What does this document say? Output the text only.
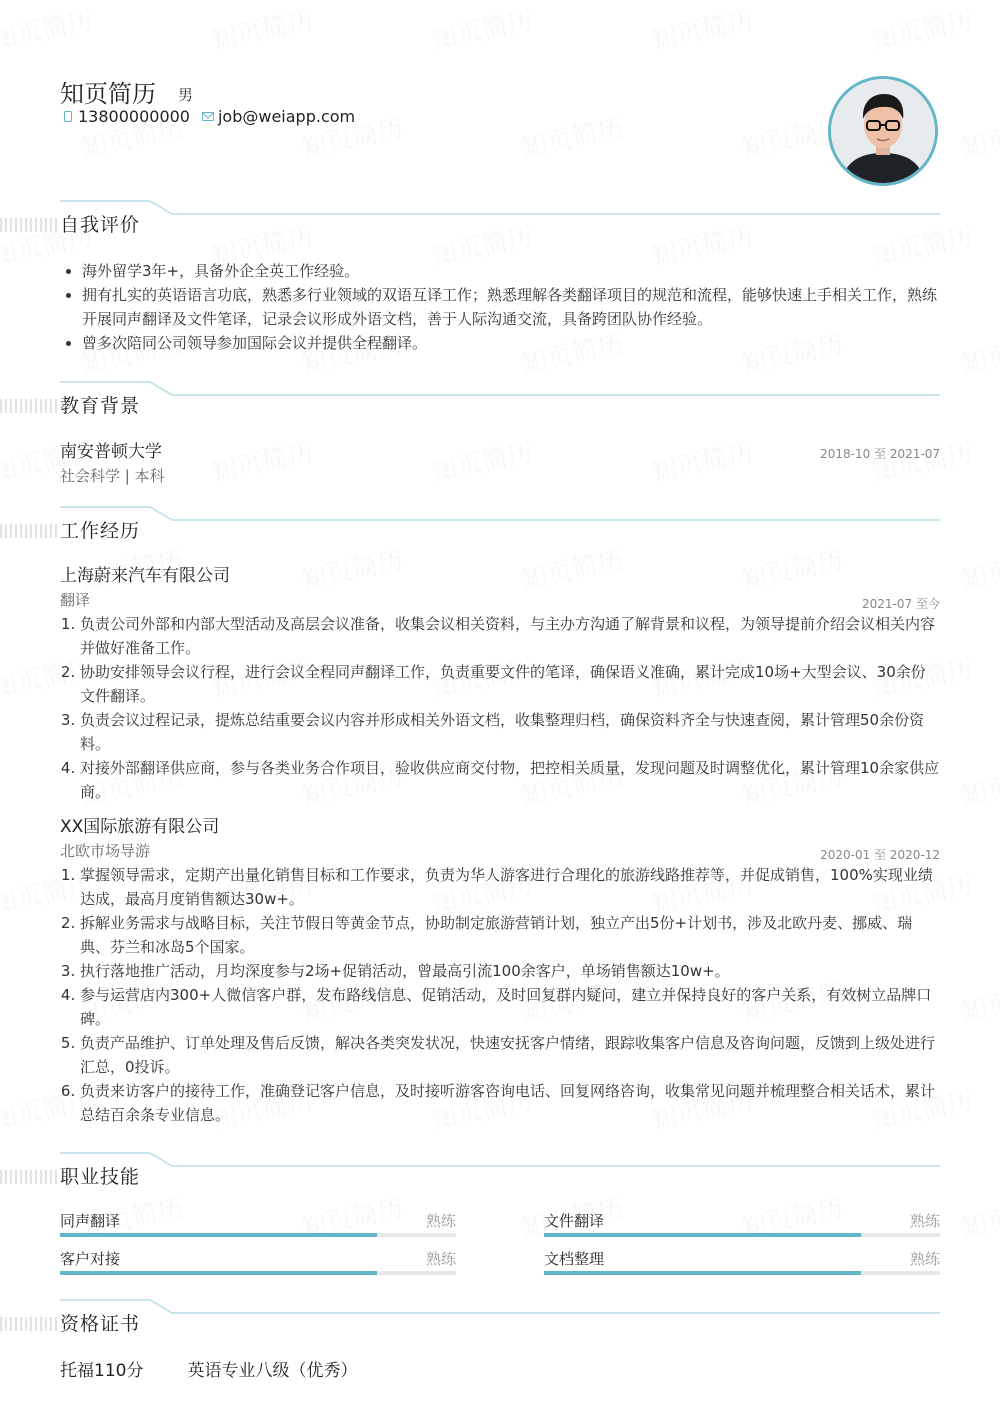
知页简历 男
13800000000 job@weiapp.com
自我评价
• 海外留学3年+，具备外企全英工作经验。
• 拥有扎实的英语语言功底，熟悉多行业领域的双语互译工作；熟悉理解各类翻译项目的规范和流程，能够快速上手相关工作，熟练开展同声翻译及文件笔译，记录会议形成外语文档，善于人际沟通交流，具备跨团队协作经验。
• 曾多次陪同公司领导参加国际会议并提供全程翻译。
教育背景
南安普顿大学
社会科学 | 本科
2018-10 至 2021-07
工作经历
上海蔚来汽车有限公司
翻译	2021-07 至今
1. 负责公司外部和内部大型活动及高层会议准备，收集会议相关资料，与主办方沟通了解背景和议程，为领导提前介绍会议相关内容并做好准备工作。
2. 协助安排领导会议行程，进行会议全程同声翻译工作，负责重要文件的笔译，确保语义准确，累计完成10场+大型会议、30余份文件翻译。
3. 负责会议过程记录，提炼总结重要会议内容并形成相关外语文档，收集整理归档，确保资料齐全与快速查阅，累计管理50余份资料。
4. 对接外部翻译供应商，参与各类业务合作项目，验收供应商交付物，把控相关质量，发现问题及时调整优化，累计管理10余家供应商。
XX国际旅游有限公司
北欧市场导游	2020-01 至 2020-12
1. 掌握领导需求，定期产出量化销售目标和工作要求，负责为华人游客进行合理化的旅游线路推荐等，并促成销售，100%实现业绩达成，最高月度销售额达30w+。
2. 拆解业务需求与战略目标，关注节假日等黄金节点，协助制定旅游营销计划，独立产出5份+计划书，涉及北欧丹麦、挪威、瑞典、芬兰和冰岛5个国家。
3. 执行落地推广活动，月均深度参与2场+促销活动，曾最高引流100余客户，单场销售额达10w+。
4. 参与运营店内300+人微信客户群，发布路线信息、促销活动，及时回复群内疑问，建立并保持良好的客户关系，有效树立品牌口碑。
5. 负责产品维护、订单处理及售后反馈，解决各类突发状况，快速安抚客户情绪，跟踪收集客户信息及咨询问题，反馈到上级处进行汇总，0投诉。
6. 负责来访客户的接待工作，准确登记客户信息，及时接听游客咨询电话、回复网络咨询，收集常见问题并梳理整合相关话术，累计总结百余条专业信息。
职业技能
同声翻译	熟练	文件翻译	熟练
客户对接	熟练	文档整理	熟练
资格证书
托福110分	英语专业八级（优秀）
